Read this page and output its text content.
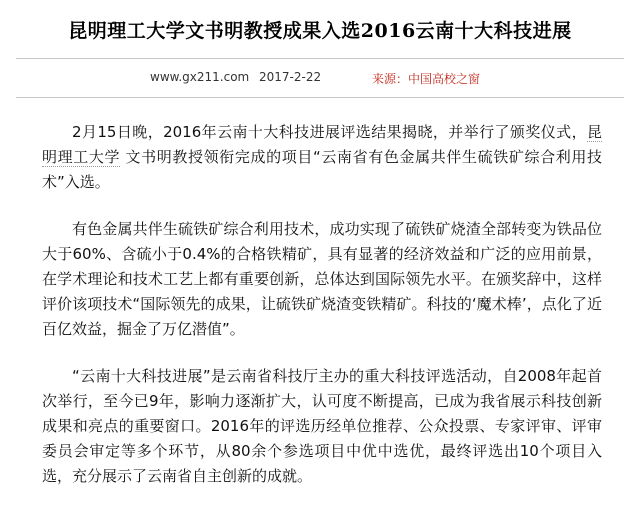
昆明理工大学文书明教授成果入选2016云南十大科技进展
www.gx211.com 2017-2-22	来源：中国高校之窗

2月15日晚，2016年云南十大科技进展评选结果揭晓，并举行了颁奖仪式，昆明理工大学 文书明教授领衔完成的项目“云南省有色金属共伴生硫铁矿综合利用技术”入选。

有色金属共伴生硫铁矿综合利用技术，成功实现了硫铁矿烧渣全部转变为铁品位大于60%、含硫小于0.4%的合格铁精矿，具有显著的经济效益和广泛的应用前景，在学术理论和技术工艺上都有重要创新，总体达到国际领先水平。在颁奖辞中，这样评价该项技术“国际领先的成果，让硫铁矿烧渣变铁精矿。科技的‘魔术棒’，点化了近百亿效益，掘金了万亿潜值”。

“云南十大科技进展”是云南省科技厅主办的重大科技评选活动，自2008年起首次举行，至今已9年，影响力逐渐扩大，认可度不断提高，已成为我省展示科技创新成果和亮点的重要窗口。2016年的评选历经单位推荐、公众投票、专家评审、评审委员会审定等多个环节，从80余个参选项目中优中选优，最终评选出10个项目入选，充分展示了云南省自主创新的成就。
